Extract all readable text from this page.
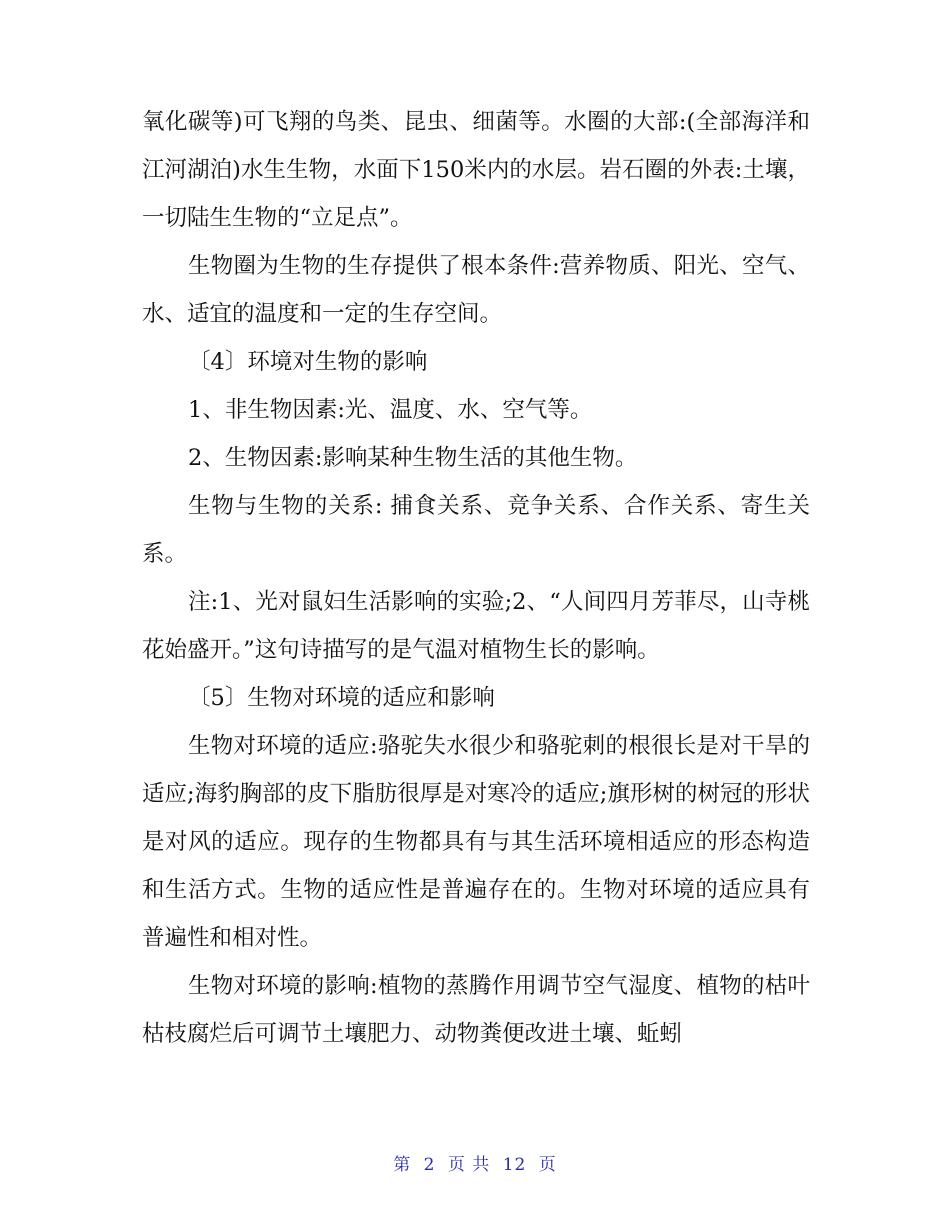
氧化碳等)可飞翔的鸟类、昆虫、细菌等。水圈的大部:(全部海洋和江河湖泊)水生生物，水面下150米内的水层。岩石圈的外表:土壤，一切陆生生物的“立足点”。

生物圈为生物的生存提供了根本条件:营养物质、阳光、空气、水、适宜的温度和一定的生存空间。

〔4〕环境对生物的影响

1、非生物因素:光、温度、水、空气等。

2、生物因素:影响某种生物生活的其他生物。

生物与生物的关系: 捕食关系、竞争关系、合作关系、寄生关系。

注:1、光对鼠妇生活影响的实验;2、“人间四月芳菲尽，山寺桃花始盛开。”这句诗描写的是气温对植物生长的影响。

〔5〕生物对环境的适应和影响

生物对环境的适应:骆驼失水很少和骆驼刺的根很长是对干旱的适应;海豹胸部的皮下脂肪很厚是对寒冷的适应;旗形树的树冠的形状是对风的适应。现存的生物都具有与其生活环境相适应的形态构造和生活方式。生物的适应性是普遍存在的。生物对环境的适应具有普遍性和相对性。

生物对环境的影响:植物的蒸腾作用调节空气湿度、植物的枯叶枯枝腐烂后可调节土壤肥力、动物粪便改进土壤、蚯蚓

第 2 页 共 12 页
